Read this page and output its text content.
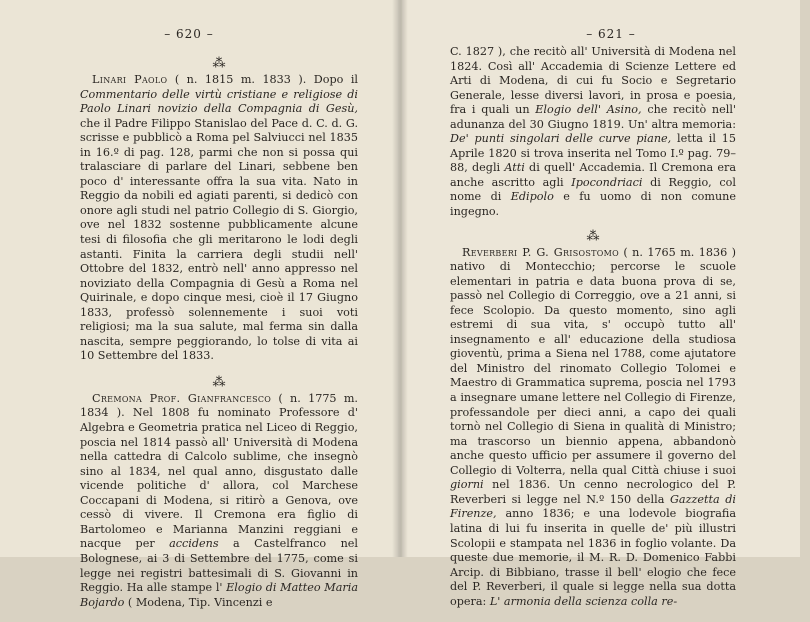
– 620 –
⁂

Linari Paolo ( n. 1815 m. 1833 ). Dopo il Commentario delle virtù cristiane e religiose di Paolo Linari novizio della Compagnia di Gesù, che il Padre Filippo Stanislao del Pace d. C. d. G. scrisse e pubblicò a Roma pel Salviucci nel 1835 in 16.º di pag. 128, parmi che non si possa qui tralasciare di parlare del Linari, sebbene ben poco d' interessante offra la sua vita. Nato in Reggio da nobili ed agiati parenti, si dedicò con onore agli studi nel patrio Collegio di S. Giorgio, ove nel 1832 sostenne pubblicamente alcune tesi di filosofia che gli meritarono le lodi degli astanti. Finita la carriera degli studii nell' Ottobre del 1832, entrò nell' anno appresso nel noviziato della Compagnia di Gesù a Roma nel Quirinale, e dopo cinque mesi, cioè il 17 Giugno 1833, professò solennemente i suoi voti religiosi; ma la sua salute, mal ferma sin dalla nascita, sempre peggiorando, lo tolse di vita ai 10 Settembre del 1833.

⁂

Cremona Prof. Gianfrancesco ( n. 1775 m. 1834 ). Nel 1808 fu nominato Professore d' Algebra e Geometria pratica nel Liceo di Reggio, poscia nel 1814 passò all' Università di Modena nella cattedra di Calcolo sublime, che insegnò sino al 1834, nel qual anno, disgustato dalle vicende politiche d' allora, col Marchese Coccapani di Modena, si ritirò a Genova, ove cessò di vivere. Il Cremona era figlio di Bartolomeo e Marianna Manzini reggiani e nacque per accidens a Castelfranco nel Bolognese, ai 3 di Settembre del 1775, come si legge nei registri battesimali di S. Giovanni in Reggio. Ha alle stampe l' Elogio di Matteo Maria Bojardo ( Modena, Tip. Vincenzi e

– 621 –

C. 1827 ), che recitò all' Università di Modena nel 1824. Così all' Accademia di Scienze Lettere ed Arti di Modena, di cui fu Socio e Segretario Generale, lesse diversi lavori, in prosa e poesia, fra i quali un Elogio dell' Asino, che recitò nell' adunanza del 30 Giugno 1819. Un' altra memoria: De' punti singolari delle curve piane, letta il 15 Aprile 1820 si trova inserita nel Tomo I.º pag. 79–88, degli Atti di quell' Accademia. Il Cremona era anche ascritto agli Ipocondriaci di Reggio, col nome di Edipolo e fu uomo di non comune ingegno.

⁂

Reverberi P. G. Grisostomo ( n. 1765 m. 1836 ) nativo di Montecchio; percorse le scuole elementari in patria e data buona prova di se, passò nel Collegio di Correggio, ove a 21 anni, si fece Scolopio. Da questo momento, sino agli estremi di sua vita, s' occupò tutto all' insegnamento e all' educazione della studiosa gioventù, prima a Siena nel 1788, come ajutatore del Ministro del rinomato Collegio Tolomei e Maestro di Grammatica suprema, poscia nel 1793 a insegnare umane lettere nel Collegio di Firenze, professandole per dieci anni, a capo dei quali tornò nel Collegio di Siena in qualità di Ministro; ma trascorso un biennio appena, abbandonò anche questo ufficio per assumere il governo del Collegio di Volterra, nella qual Città chiuse i suoi giorni nel 1836. Un cenno necrologico del P. Reverberi si legge nel N.º 150 della Gazzetta di Firenze, anno 1836; e una lodevole biografia latina di lui fu inserita in quelle de' più illustri Scolopii e stampata nel 1836 in foglio volante. Da queste due memorie, il M. R. D. Domenico Fabbi Arcip. di Bibbiano, trasse il bell' elogio che fece del P. Reverberi, il quale si legge nella sua dotta opera: L' armonia della scienza colla re-
